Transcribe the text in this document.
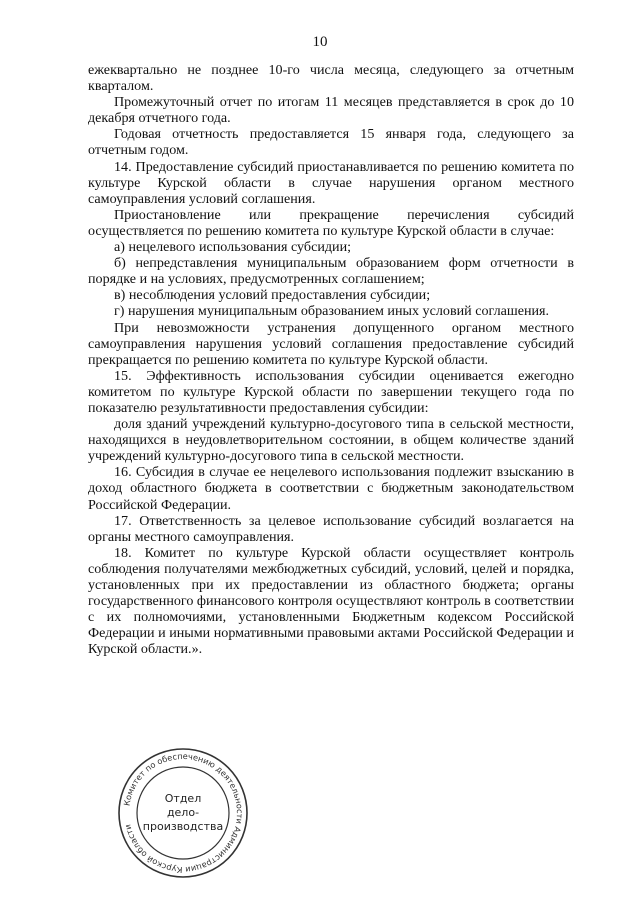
10

ежеквартально не позднее 10-го числа месяца, следующего за отчетным кварталом.

Промежуточный отчет по итогам 11 месяцев представляется в срок до 10 декабря отчетного года.

Годовая отчетность предоставляется 15 января года, следующего за отчетным годом.

14. Предоставление субсидий приостанавливается по решению комитета по культуре Курской области в случае нарушения органом местного самоуправления условий соглашения.

Приостановление или прекращение перечисления субсидий осуществляется по решению комитета по культуре Курской области в случае:

а) нецелевого использования субсидии;

б) непредставления муниципальным образованием форм отчетности в порядке и на условиях, предусмотренных соглашением;

в) несоблюдения условий предоставления субсидии;

г) нарушения муниципальным образованием иных условий соглашения.

При невозможности устранения допущенного органом местного самоуправления нарушения условий соглашения предоставление субсидий прекращается по решению комитета по культуре Курской области.

15. Эффективность использования субсидии оценивается ежегодно комитетом по культуре Курской области по завершении текущего года по показателю результативности предоставления субсидии:

доля зданий учреждений культурно-досугового типа в сельской местности, находящихся в неудовлетворительном состоянии, в общем количестве зданий учреждений культурно-досугового типа в сельской местности.

16. Субсидия в случае ее нецелевого использования подлежит взысканию в доход областного бюджета в соответствии с бюджетным законодательством Российской Федерации.

17. Ответственность за целевое использование субсидий возлагается на органы местного самоуправления.

18. Комитет по культуре Курской области осуществляет контроль соблюдения получателями межбюджетных субсидий, условий, целей и порядка, установленных при их предоставлении из областного бюджета; органы государственного финансового контроля осуществляют контроль в соответствии с их полномочиями, установленными Бюджетным кодексом Российской Федерации и иными нормативными правовыми актами Российской Федерации и Курской области.».

Комитет по обеспечению деятельности Администрации Курской области
Отдел
дело-
производства
